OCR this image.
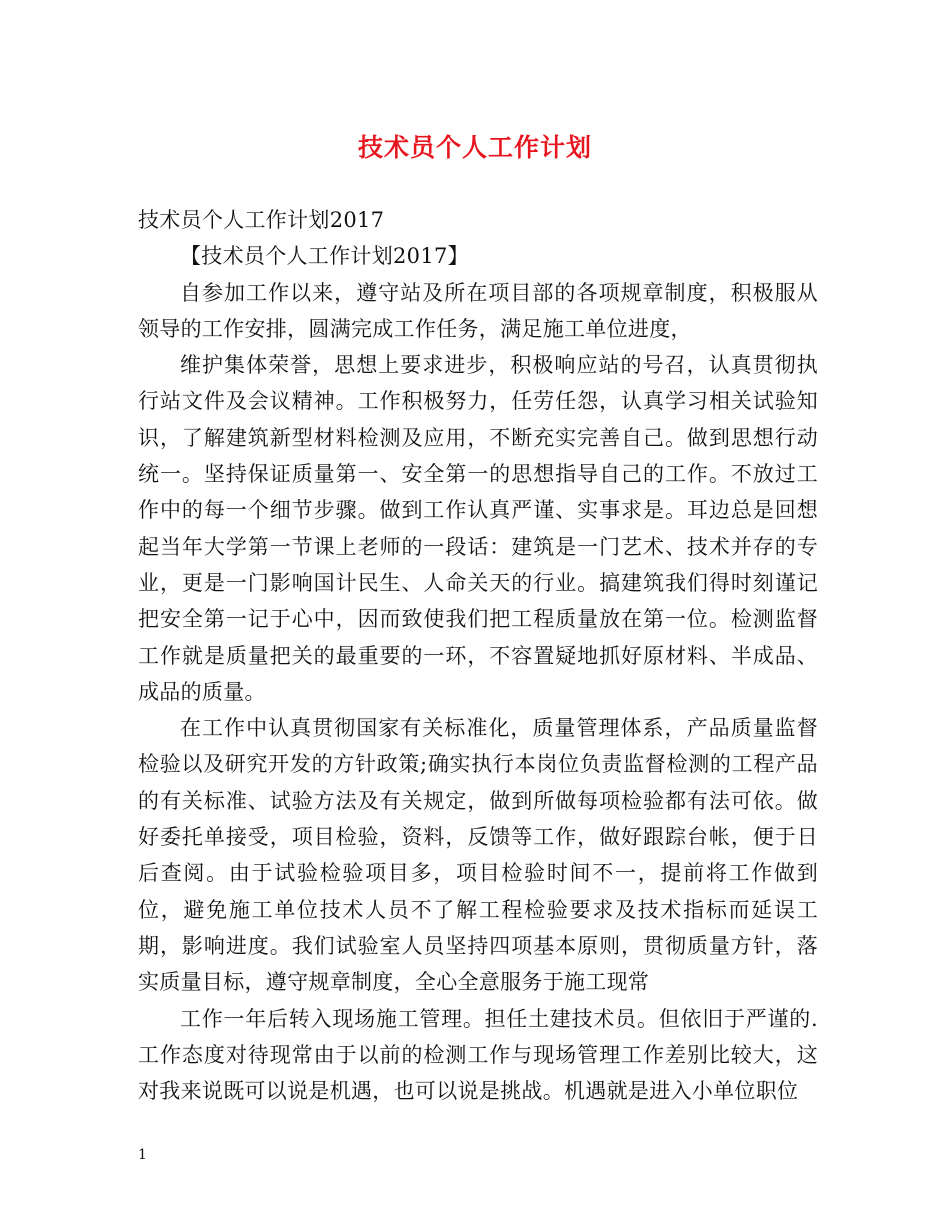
技术员个人工作计划

技术员个人工作计划2017

【技术员个人工作计划2017】

自参加工作以来，遵守站及所在项目部的各项规章制度，积极服从领导的工作安排，圆满完成工作任务，满足施工单位进度，

维护集体荣誉，思想上要求进步，积极响应站的号召，认真贯彻执行站文件及会议精神。工作积极努力，任劳任怨，认真学习相关试验知识，了解建筑新型材料检测及应用，不断充实完善自己。做到思想行动统一。坚持保证质量第一、安全第一的思想指导自己的工作。不放过工作中的每一个细节步骤。做到工作认真严谨、实事求是。耳边总是回想起当年大学第一节课上老师的一段话：建筑是一门艺术、技术并存的专业，更是一门影响国计民生、人命关天的行业。搞建筑我们得时刻谨记把安全第一记于心中，因而致使我们把工程质量放在第一位。检测监督工作就是质量把关的最重要的一环，不容置疑地抓好原材料、半成品、成品的质量。

在工作中认真贯彻国家有关标准化，质量管理体系，产品质量监督检验以及研究开发的方针政策;确实执行本岗位负责监督检测的工程产品的有关标准、试验方法及有关规定，做到所做每项检验都有法可依。做好委托单接受，项目检验，资料，反馈等工作，做好跟踪台帐，便于日后查阅。由于试验检验项目多，项目检验时间不一，提前将工作做到位，避免施工单位技术人员不了解工程检验要求及技术指标而延误工期，影响进度。我们试验室人员坚持四项基本原则，贯彻质量方针，落实质量目标，遵守规章制度，全心全意服务于施工现常

工作一年后转入现场施工管理。担任土建技术员。但依旧于严谨的.工作态度对待现常由于以前的检测工作与现场管理工作差别比较大，这对我来说既可以说是机遇，也可以说是挑战。机遇就是进入小单位职位

1
